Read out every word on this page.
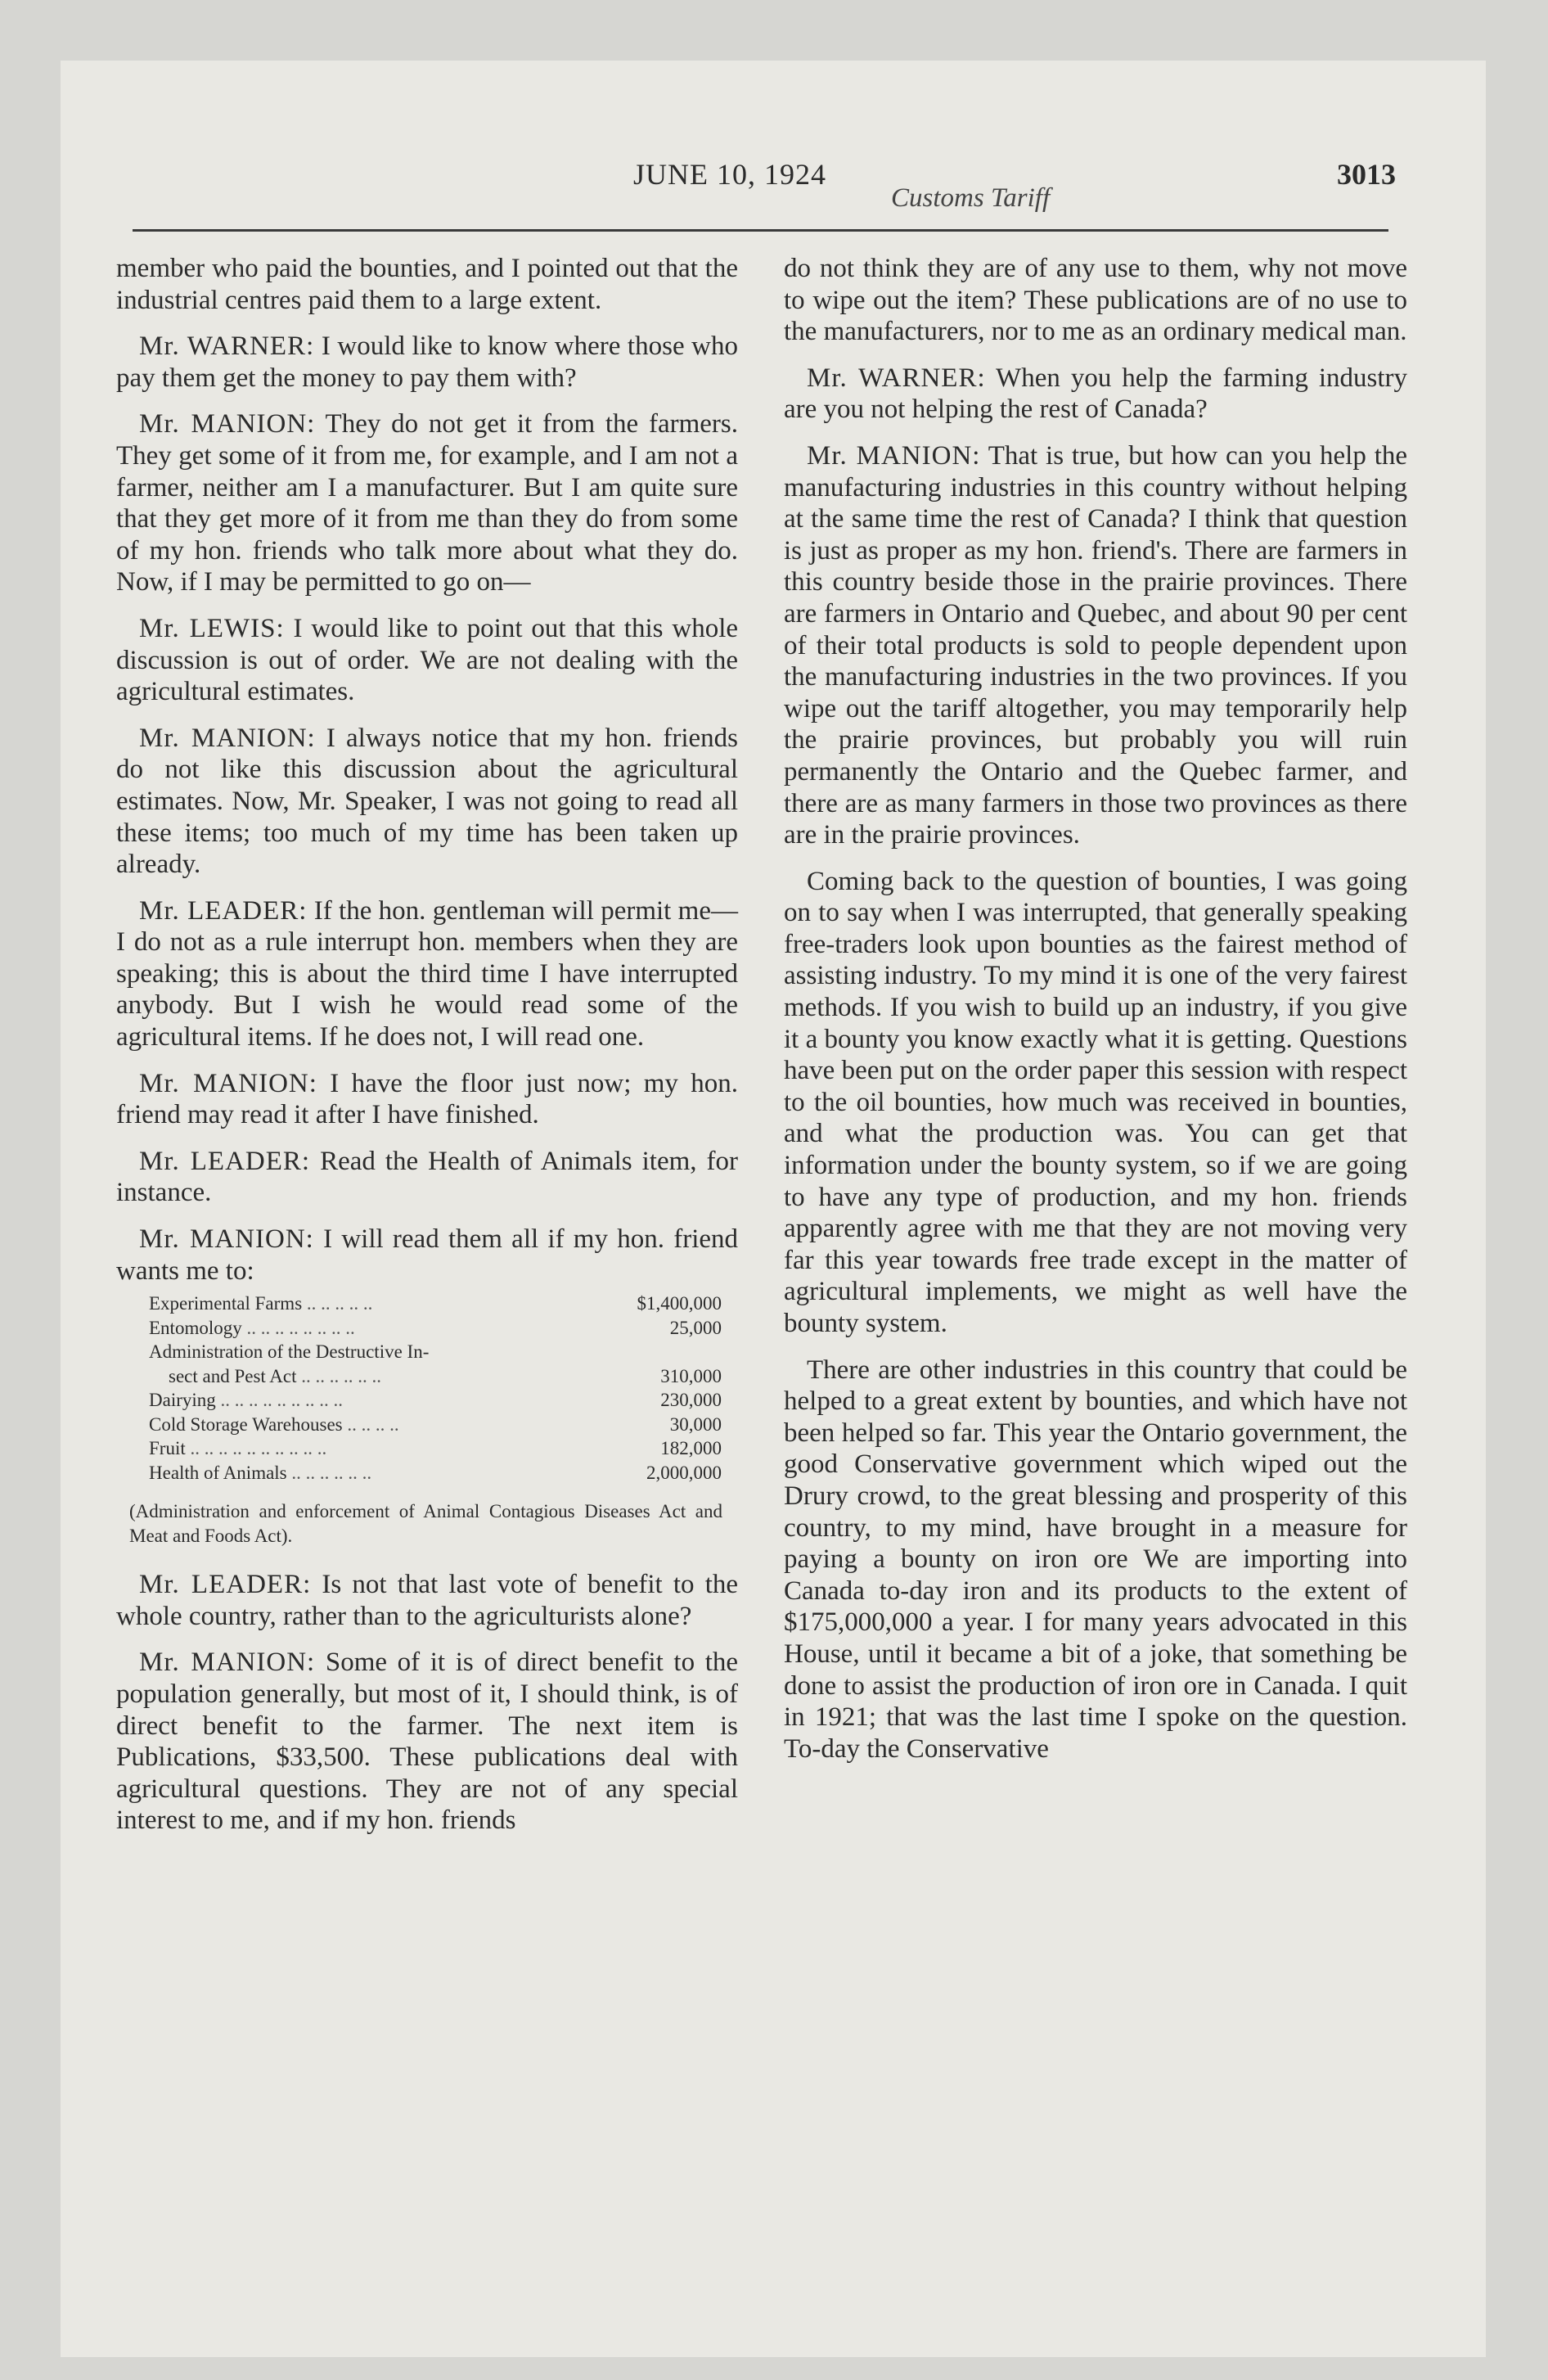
JUNE 10, 1924
Customs Tariff
3013

member who paid the bounties, and I pointed out that the industrial centres paid them to a large extent.

Mr. WARNER: I would like to know where those who pay them get the money to pay them with?

Mr. MANION: They do not get it from the farmers. They get some of it from me, for example, and I am not a farmer, neither am I a manufacturer. But I am quite sure that they get more of it from me than they do from some of my hon. friends who talk more about what they do. Now, if I may be permitted to go on—

Mr. LEWIS: I would like to point out that this whole discussion is out of order. We are not dealing with the agricultural estimates.

Mr. MANION: I always notice that my hon. friends do not like this discussion about the agricultural estimates. Now, Mr. Speaker, I was not going to read all these items; too much of my time has been taken up already.

Mr. LEADER: If the hon. gentleman will permit me—I do not as a rule interrupt hon. members when they are speaking; this is about the third time I have interrupted anybody. But I wish he would read some of the agricultural items. If he does not, I will read one.

Mr. MANION: I have the floor just now; my hon. friend may read it after I have finished.

Mr. LEADER: Read the Health of Animals item, for instance.

Mr. MANION: I will read them all if my hon. friend wants me to:

Experimental Farms .. .. .. .. ..	$1,400,000
Entomology .. .. .. .. .. .. .. ..	25,000
Administration of the Destructive In-
sect and Pest Act .. .. .. .. .. ..	310,000
Dairying .. .. .. .. .. .. .. .. ..	230,000
Cold Storage Warehouses .. .. .. ..	30,000
Fruit .. .. .. .. .. .. .. .. .. ..	182,000
Health of Animals .. .. .. .. .. ..	2,000,000
(Administration and enforcement of Animal Contagious Diseases Act and Meat and Foods Act).

Mr. LEADER: Is not that last vote of benefit to the whole country, rather than to the agriculturists alone?

Mr. MANION: Some of it is of direct benefit to the population generally, but most of it, I should think, is of direct benefit to the farmer. The next item is Publications, $33,500. These publications deal with agricultural questions. They are not of any special interest to me, and if my hon. friends

do not think they are of any use to them, why not move to wipe out the item? These publications are of no use to the manufacturers, nor to me as an ordinary medical man.

Mr. WARNER: When you help the farming industry are you not helping the rest of Canada?

Mr. MANION: That is true, but how can you help the manufacturing industries in this country without helping at the same time the rest of Canada? I think that question is just as proper as my hon. friend's. There are farmers in this country beside those in the prairie provinces. There are farmers in Ontario and Quebec, and about 90 per cent of their total products is sold to people dependent upon the manufacturing industries in the two provinces. If you wipe out the tariff altogether, you may temporarily help the prairie provinces, but probably you will ruin permanently the Ontario and the Quebec farmer, and there are as many farmers in those two provinces as there are in the prairie provinces.

Coming back to the question of bounties, I was going on to say when I was interrupted, that generally speaking free-traders look upon bounties as the fairest method of assisting industry. To my mind it is one of the very fairest methods. If you wish to build up an industry, if you give it a bounty you know exactly what it is getting. Questions have been put on the order paper this session with respect to the oil bounties, how much was received in bounties, and what the production was. You can get that information under the bounty system, so if we are going to have any type of production, and my hon. friends apparently agree with me that they are not moving very far this year towards free trade except in the matter of agricultural implements, we might as well have the bounty system.

There are other industries in this country that could be helped to a great extent by bounties, and which have not been helped so far. This year the Ontario government, the good Conservative government which wiped out the Drury crowd, to the great blessing and prosperity of this country, to my mind, have brought in a measure for paying a bounty on iron ore We are importing into Canada to-day iron and its products to the extent of $175,000,000 a year. I for many years advocated in this House, until it became a bit of a joke, that something be done to assist the production of iron ore in Canada. I quit in 1921; that was the last time I spoke on the question. To-day the Conservative
